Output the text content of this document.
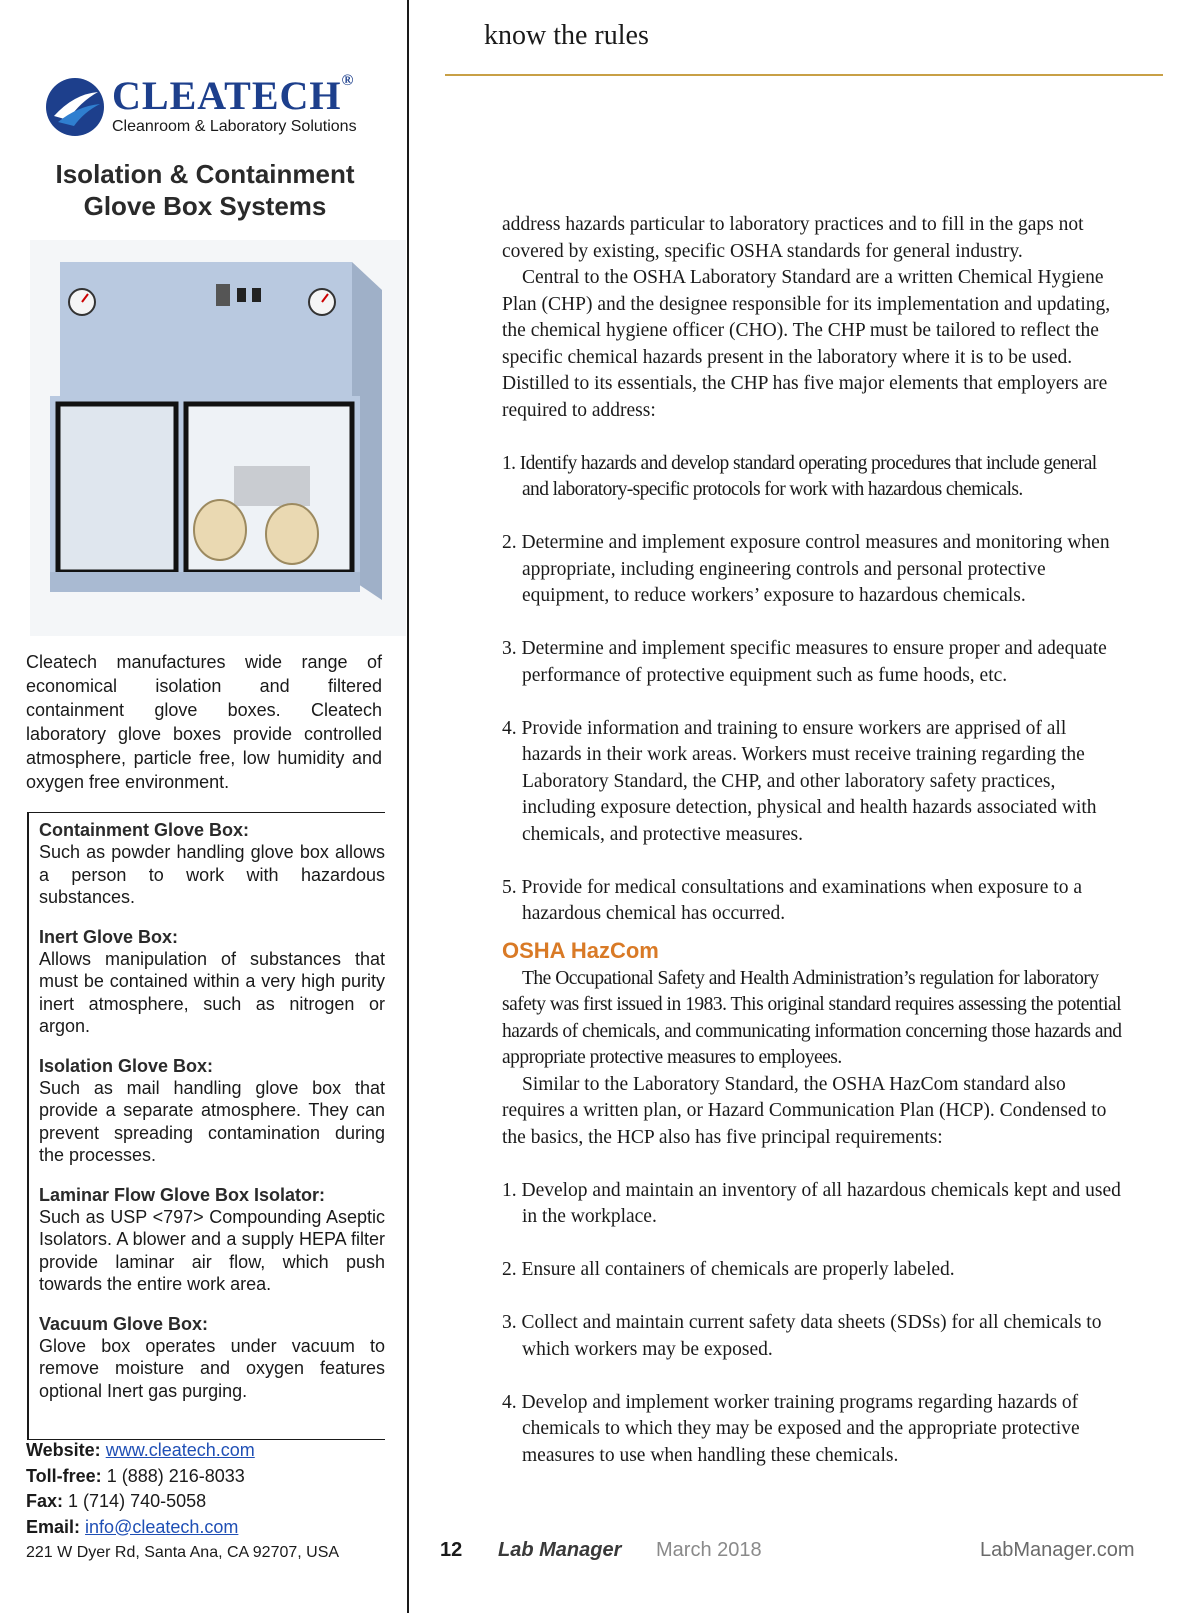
know the rules
CLEATECH®
Cleanroom & Laboratory Solutions
Isolation & Containment
Glove Box Systems
Cleatech manufactures wide range of economical isolation and filtered containment glove boxes. Cleatech laboratory glove boxes provide controlled atmosphere, particle free, low humidity and oxygen free environment.
Containment Glove Box:
Such as powder handling glove box allows a person to work with hazardous substances.
Inert Glove Box:
Allows manipulation of substances that must be contained within a very high purity inert atmosphere, such as nitrogen or argon.
Isolation Glove Box:
Such as mail handling glove box that provide a separate atmosphere. They can prevent spreading contamination during the processes.
Laminar Flow Glove Box Isolator:
Such as USP <797> Compounding Aseptic Isolators. A blower and a supply HEPA filter provide laminar air flow, which push towards the entire work area.
Vacuum Glove Box:
Glove box operates under vacuum to remove moisture and oxygen features optional Inert gas purging.
Website: www.cleatech.com
Toll-free: 1 (888) 216-8033
Fax: 1 (714) 740-5058
Email: info@cleatech.com
221 W Dyer Rd, Santa Ana, CA 92707, USA

address hazards particular to laboratory practices and to fill in the gaps not covered by existing, specific OSHA standards for general industry.

Central to the OSHA Laboratory Standard are a written Chemical Hygiene Plan (CHP) and the designee responsible for its implementation and updating, the chemical hygiene officer (CHO). The CHP must be tailored to reflect the specific chemical hazards present in the laboratory where it is to be used. Distilled to its essentials, the CHP has five major elements that employers are required to address:

1. Identify hazards and develop standard operating procedures that include general and laboratory-specific protocols for work with hazardous chemicals.

2. Determine and implement exposure control measures and monitoring when appropriate, including engineering controls and personal protective equipment, to reduce workers’ exposure to hazardous chemicals.

3. Determine and implement specific measures to ensure proper and adequate performance of protective equipment such as fume hoods, etc.

4. Provide information and training to ensure workers are apprised of all hazards in their work areas. Workers must receive training regarding the Laboratory Standard, the CHP, and other laboratory safety practices, including exposure detection, physical and health hazards associated with chemicals, and protective measures.

5. Provide for medical consultations and examinations when exposure to a hazardous chemical has occurred.

OSHA HazCom

The Occupational Safety and Health Administration’s regulation for laboratory safety was first issued in 1983. This original standard requires assessing the potential hazards of chemicals, and communicating information concerning those hazards and appropriate protective measures to employees.

Similar to the Laboratory Standard, the OSHA HazCom standard also requires a written plan, or Hazard Communication Plan (HCP). Condensed to the basics, the HCP also has five principal requirements:

1. Develop and maintain an inventory of all hazardous chemicals kept and used in the workplace.

2. Ensure all containers of chemicals are properly labeled.

3. Collect and maintain current safety data sheets (SDSs) for all chemicals to which workers may be exposed.

4. Develop and implement worker training programs regarding hazards of chemicals to which they may be exposed and the appropriate protective measures to use when handling these chemicals.

12 Lab Manager March 2018	LabManager.com
